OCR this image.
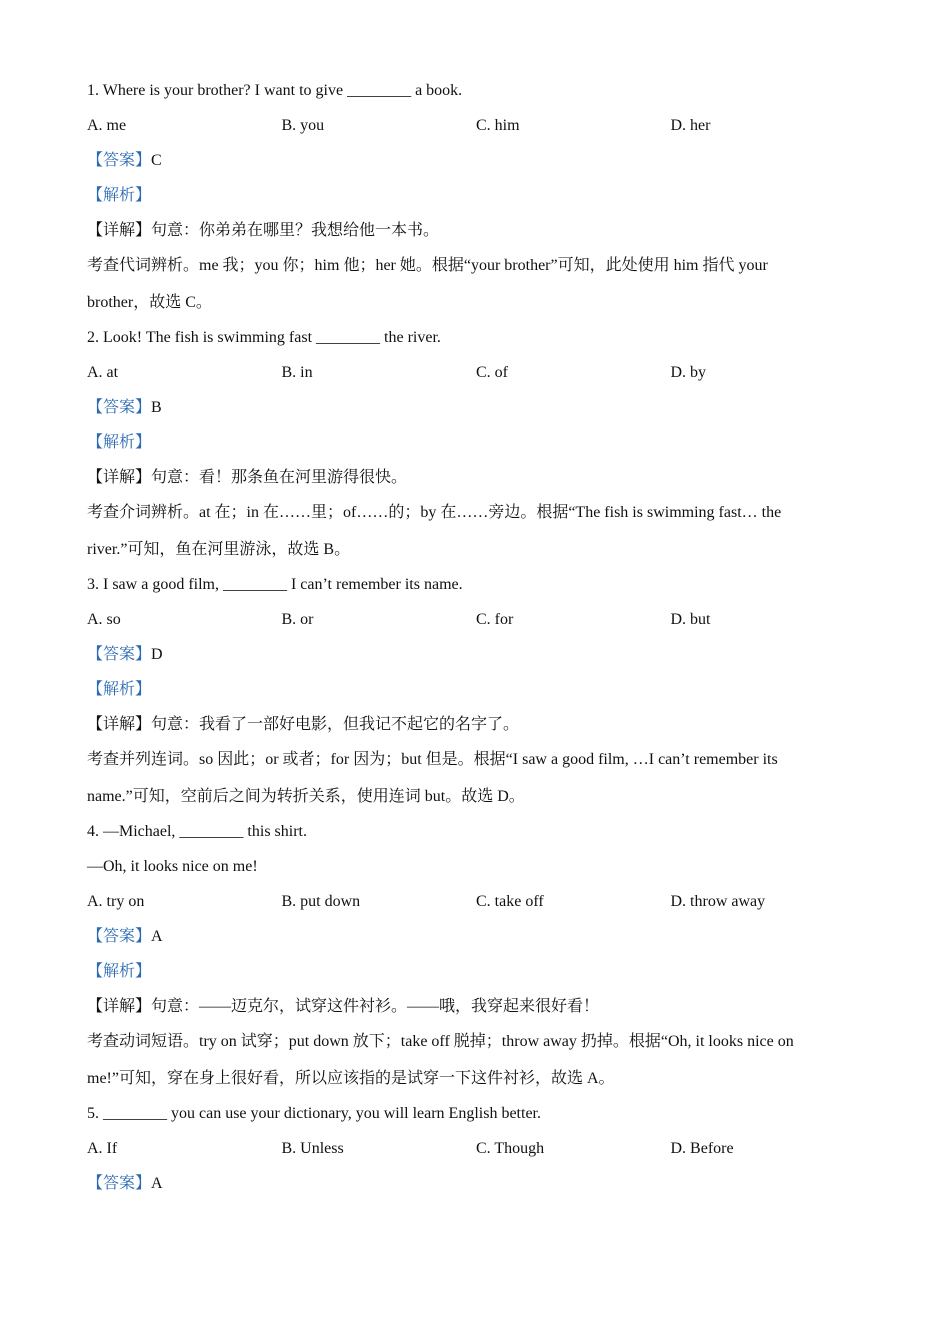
1. Where is your brother? I want to give ________ a book.
A. me	B. you	C. him	D. her
【答案】C
【解析】
【详解】句意：你弟弟在哪里？我想给他一本书。
考查代词辨析。me 我；you 你；him 他；her 她。根据“your brother”可知，此处使用 him 指代 your
brother，故选 C。
2. Look! The fish is swimming fast ________ the river.
A. at	B. in	C. of	D. by
【答案】B
【解析】
【详解】句意：看！那条鱼在河里游得很快。
考查介词辨析。at 在；in 在……里；of……的；by 在……旁边。根据“The fish is swimming fast… the
river.”可知，鱼在河里游泳，故选 B。
3. I saw a good film, ________ I can’t remember its name.
A. so	B. or	C. for	D. but
【答案】D
【解析】
【详解】句意：我看了一部好电影，但我记不起它的名字了。
考查并列连词。so 因此；or 或者；for 因为；but 但是。根据“I saw a good film, …I can’t remember its
name.”可知，空前后之间为转折关系，使用连词 but。故选 D。
4. —Michael, ________ this shirt.
—Oh, it looks nice on me!
A. try on	B. put down	C. take off	D. throw away
【答案】A
【解析】
【详解】句意：——迈克尔，试穿这件衬衫。——哦，我穿起来很好看！
考查动词短语。try on 试穿；put down 放下；take off 脱掉；throw away 扔掉。根据“Oh, it looks nice on
me!”可知，穿在身上很好看，所以应该指的是试穿一下这件衬衫，故选 A。
5. ________ you can use your dictionary, you will learn English better.
A. If	B. Unless	C. Though	D. Before
【答案】A
